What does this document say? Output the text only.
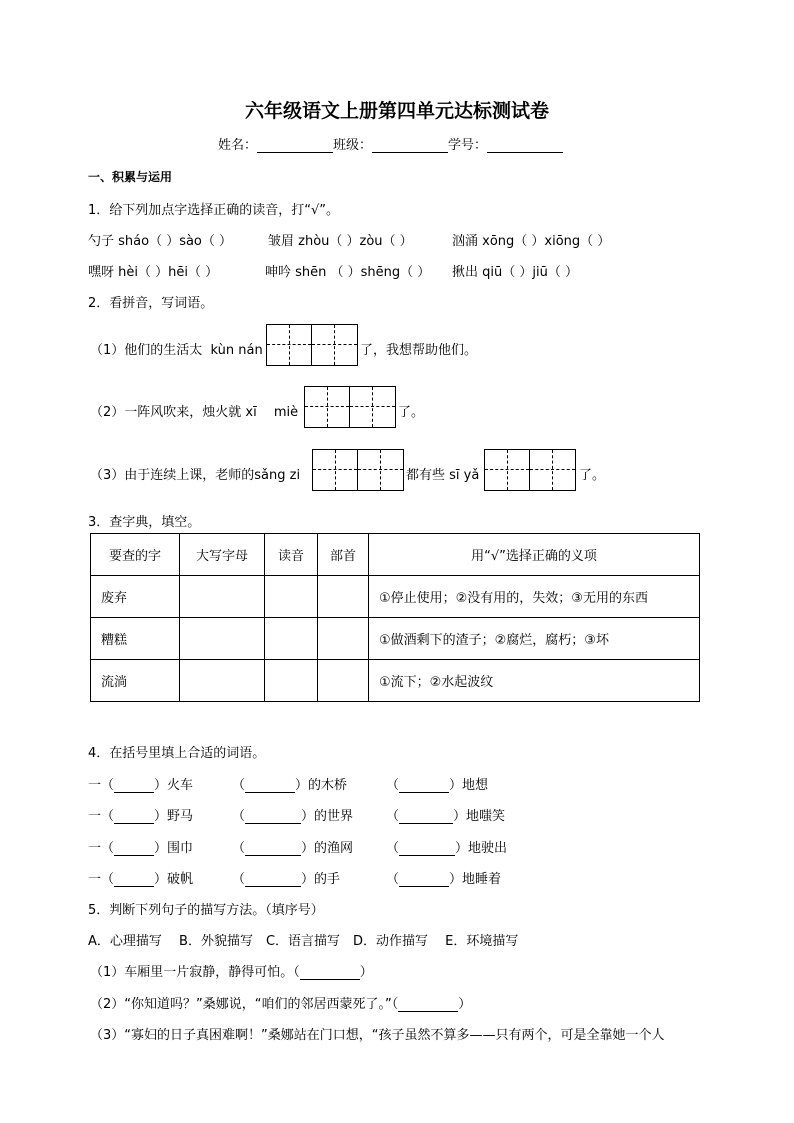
六年级语文上册第四单元达标测试卷
姓名：	班级：	学号：
一、积累与运用
1．给下列加点字选择正确的读音，打“√”。
勺子 sháo（ ）sào（ ）	皱眉 zhòu（ ）zòu（ ）	汹涌 xōng（ ）xiōng（ ）
嘿呀 hèi（ ）hēi（ ）	呻吟 shēn （ ）shēng（ ） 揪出 qiū（ ）jiū（ ）
2．看拼音，写词语。
（1）他们的生活太 kùn nán	了，我想帮助他们。
（2）一阵风吹来，烛火就 xī　 miè	了。
（3）由于连续上课，老师的sǎng zi	都有些 sī yǎ	了。
3．查字典，填空。
要查的字	大写字母	读音	部首	用“√”选择正确的义项
废弃				①停止使用；②没有用的，失效；③无用的东西
糟糕				①做酒剩下的渣子；②腐烂，腐朽；③坏
流淌				①流下；②水起波纹
4．在括号里填上合适的词语。
一（	）火车	（	）的木桥	（	）地想
一（	）野马	（	）的世界	（	）地嗤笑
一（	）围巾	（	）的渔网	（	）地驶出
一（	）破帆	（	）的手	（	）地睡着
5．判断下列句子的描写方法。（填序号）
A．心理描写　 B．外貌描写　C．语言描写　D．动作描写　 E．环境描写
（1）车厢里一片寂静，静得可怕。（	）
（2）“你知道吗？”桑娜说，“咱们的邻居西蒙死了。”（	）
（3）“寡妇的日子真困难啊！”桑娜站在门口想，“孩子虽然不算多——只有两个，可是全靠她一个人
